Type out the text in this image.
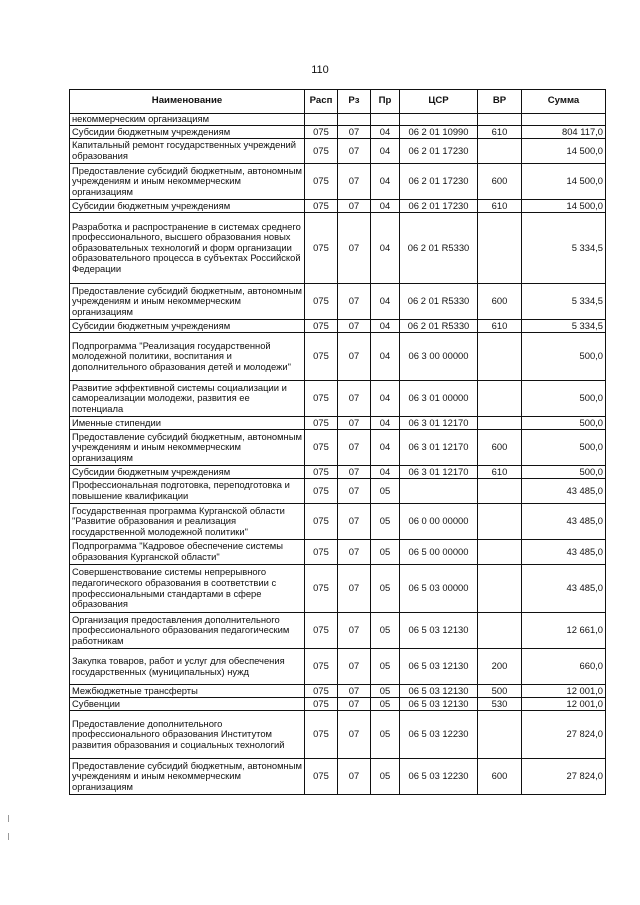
110
Наименование	Расп	Рз	Пр	ЦСР	ВР	Сумма
некоммерческим организациям						
Субсидии бюджетным учреждениям	075	07	04	06 2 01 10990	610	804 117,0
Капитальный ремонт государственных учреждений образования	075	07	04	06 2 01 17230		14 500,0
Предоставление субсидий бюджетным, автономным учреждениям и иным некоммерческим организациям	075	07	04	06 2 01 17230	600	14 500,0
Субсидии бюджетным учреждениям	075	07	04	06 2 01 17230	610	14 500,0
Разработка и распространение в системах среднего профессионального, высшего образования новых образовательных технологий и форм организации образовательного процесса в субъектах Российской Федерации	075	07	04	06 2 01 R5330		5 334,5
Предоставление субсидий бюджетным, автономным учреждениям и иным некоммерческим организациям	075	07	04	06 2 01 R5330	600	5 334,5
Субсидии бюджетным учреждениям	075	07	04	06 2 01 R5330	610	5 334,5
Подпрограмма "Реализация государственной молодежной политики, воспитания и дополнительного образования детей и молодежи"	075	07	04	06 3 00 00000		500,0
Развитие эффективной системы социализации и самореализации молодежи, развития ее потенциала	075	07	04	06 3 01 00000		500,0
Именные стипендии	075	07	04	06 3 01 12170		500,0
Предоставление субсидий бюджетным, автономным учреждениям и иным некоммерческим организациям	075	07	04	06 3 01 12170	600	500,0
Субсидии бюджетным учреждениям	075	07	04	06 3 01 12170	610	500,0
Профессиональная подготовка, переподготовка и повышение квалификации	075	07	05			43 485,0
Государственная программа Курганской области "Развитие образования и реализация государственной молодежной политики"	075	07	05	06 0 00 00000		43 485,0
Подпрограмма "Кадровое обеспечение системы образования Курганской области"	075	07	05	06 5 00 00000		43 485,0
Совершенствование системы непрерывного педагогического образования в соответствии с профессиональными стандартами в сфере образования	075	07	05	06 5 03 00000		43 485,0
Организация предоставления дополнительного профессионального образования педагогическим работникам	075	07	05	06 5 03 12130		12 661,0
Закупка товаров, работ и услуг для обеспечения государственных (муниципальных) нужд	075	07	05	06 5 03 12130	200	660,0
Межбюджетные трансферты	075	07	05	06 5 03 12130	500	12 001,0
Субвенции	075	07	05	06 5 03 12130	530	12 001,0
Предоставление дополнительного профессионального образования Институтом развития образования и социальных технологий	075	07	05	06 5 03 12230		27 824,0
Предоставление субсидий бюджетным, автономным учреждениям и иным некоммерческим организациям	075	07	05	06 5 03 12230	600	27 824,0
